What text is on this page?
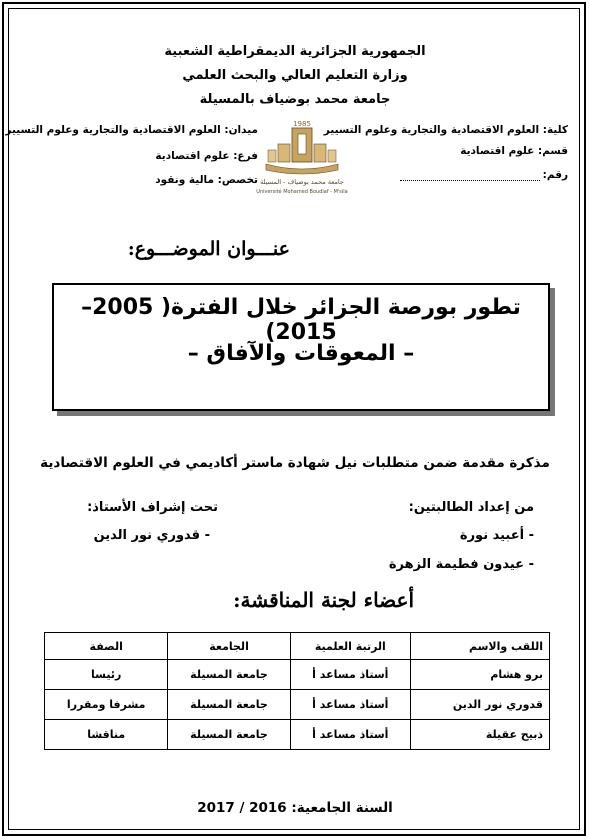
الجمهورية الجزائرية الديمقراطية الشعبية
وزارة التعليم العالي والبحث العلمي
جامعة محمد بوضياف بالمسيلة
كلية: العلوم الاقتصادية والتجارية وعلوم التسيير
قسم: علوم اقتصادية
رقم:
ميدان: العلوم الاقتصادية والتجارية وعلوم التسيير
فرع: علوم اقتصادية
تخصص: مالية ونقود
1985
جامعة محمد بوضياف - المسيلة
Université Mohamed Boudiaf - M'sila
عنـــوان الموضـــوع:
تطور بورصة الجزائر خلال الفترة( 2005–2015)
– المعوقات والآفاق –
مذكرة مقدمة ضمن متطلبات نيل شهادة ماستر أكاديمي في العلوم الاقتصادية
من إعداد الطالبتين:
- أعبيد نورة
- عيدون فطيمة الزهرة
تحت إشراف الأستاذ:
- قدوري نور الدين
أعضاء لجنة المناقشة:
اللقب والاسم	الرتبة العلمية	الجامعة	الصفة
برو هشام	أستاذ مساعد أ	جامعة المسيلة	رئيسا
قدوري نور الدين	أستاذ مساعد أ	جامعة المسيلة	مشرفا ومقررا
ذبيح عقيلة	أستاذ مساعد أ	جامعة المسيلة	مناقشا
السنة الجامعية: 2016 / 2017
